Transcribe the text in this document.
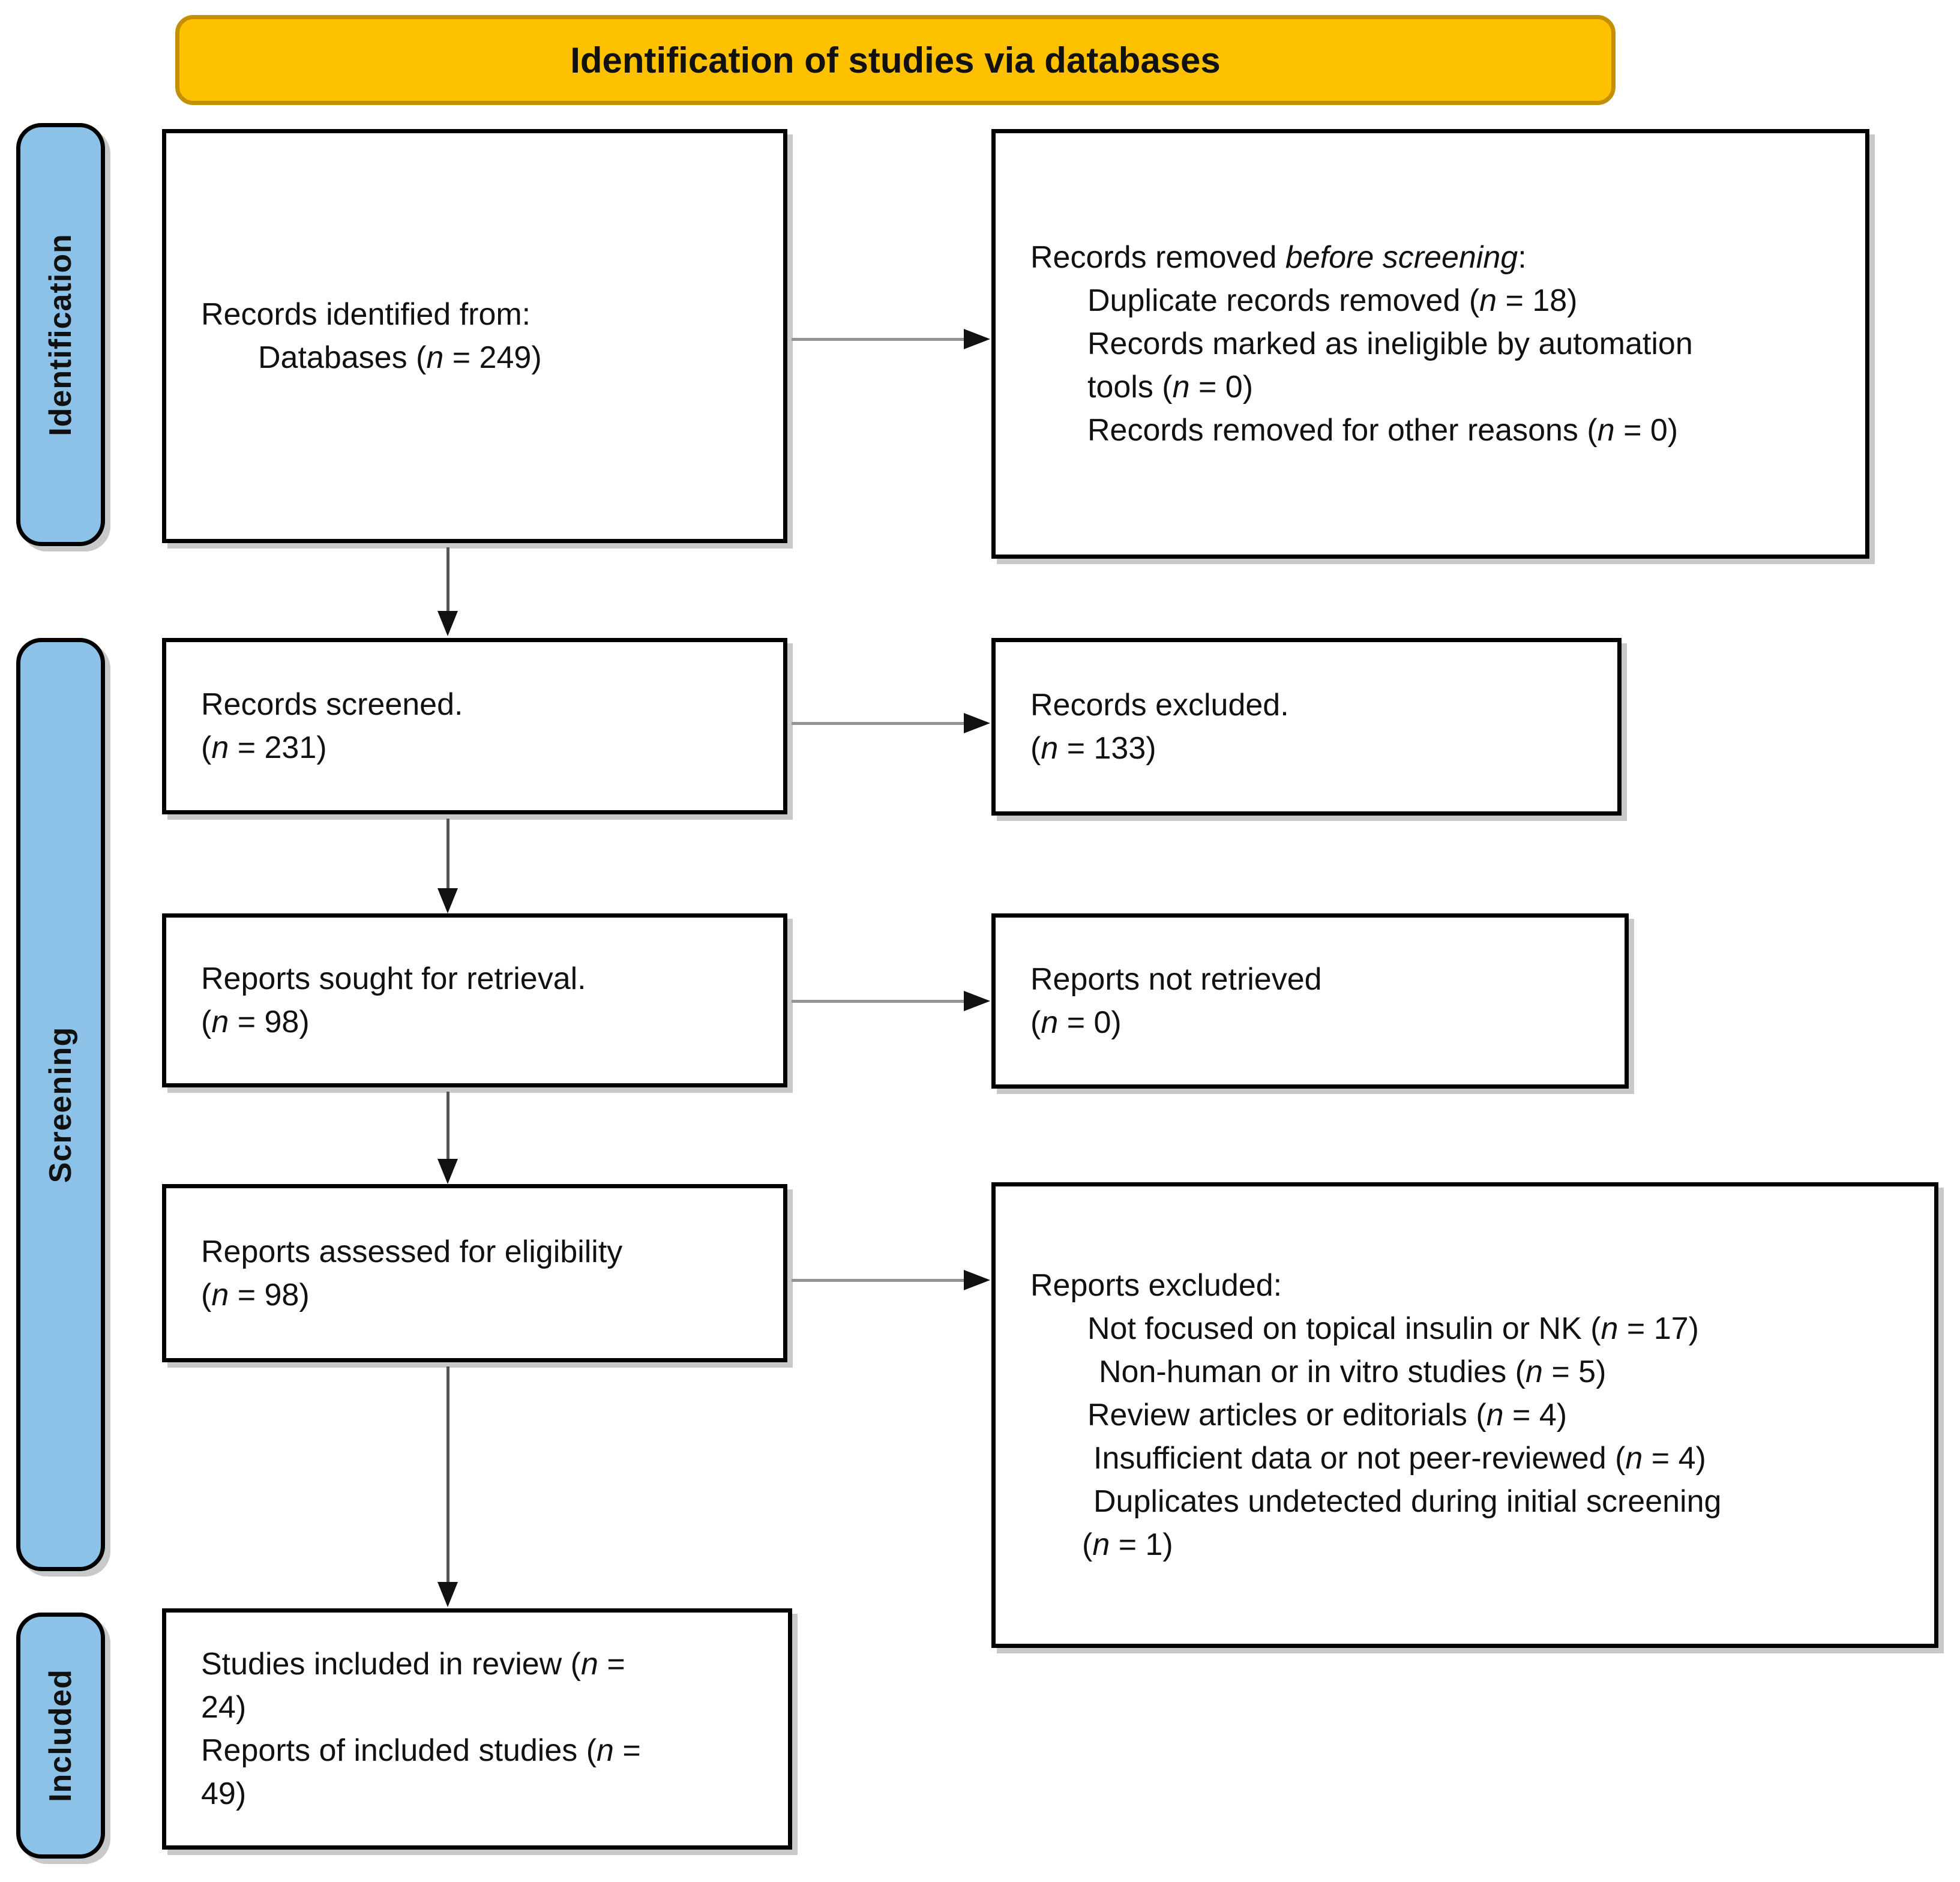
Identification of studies via databases
Identification
Screening
Included
Records identified from:
Databases (n = 249)
Records screened.
(n = 231)
Reports sought for retrieval.
(n = 98)
Reports assessed for eligibility
(n = 98)
Studies included in review (n =
24)
Reports of included studies (n =
49)
Records removed before screening:
Duplicate records removed (n = 18)
Records marked as ineligible by automation
tools (n = 0)
Records removed for other reasons (n = 0)
Records excluded.
(n = 133)
Reports not retrieved
(n = 0)
Reports excluded:
Not focused on topical insulin or NK (n = 17)
Non-human or in vitro studies (n = 5)
Review articles or editorials (n = 4)
Insufficient data or not peer-reviewed (n = 4)
Duplicates undetected during initial screening
(n = 1)
